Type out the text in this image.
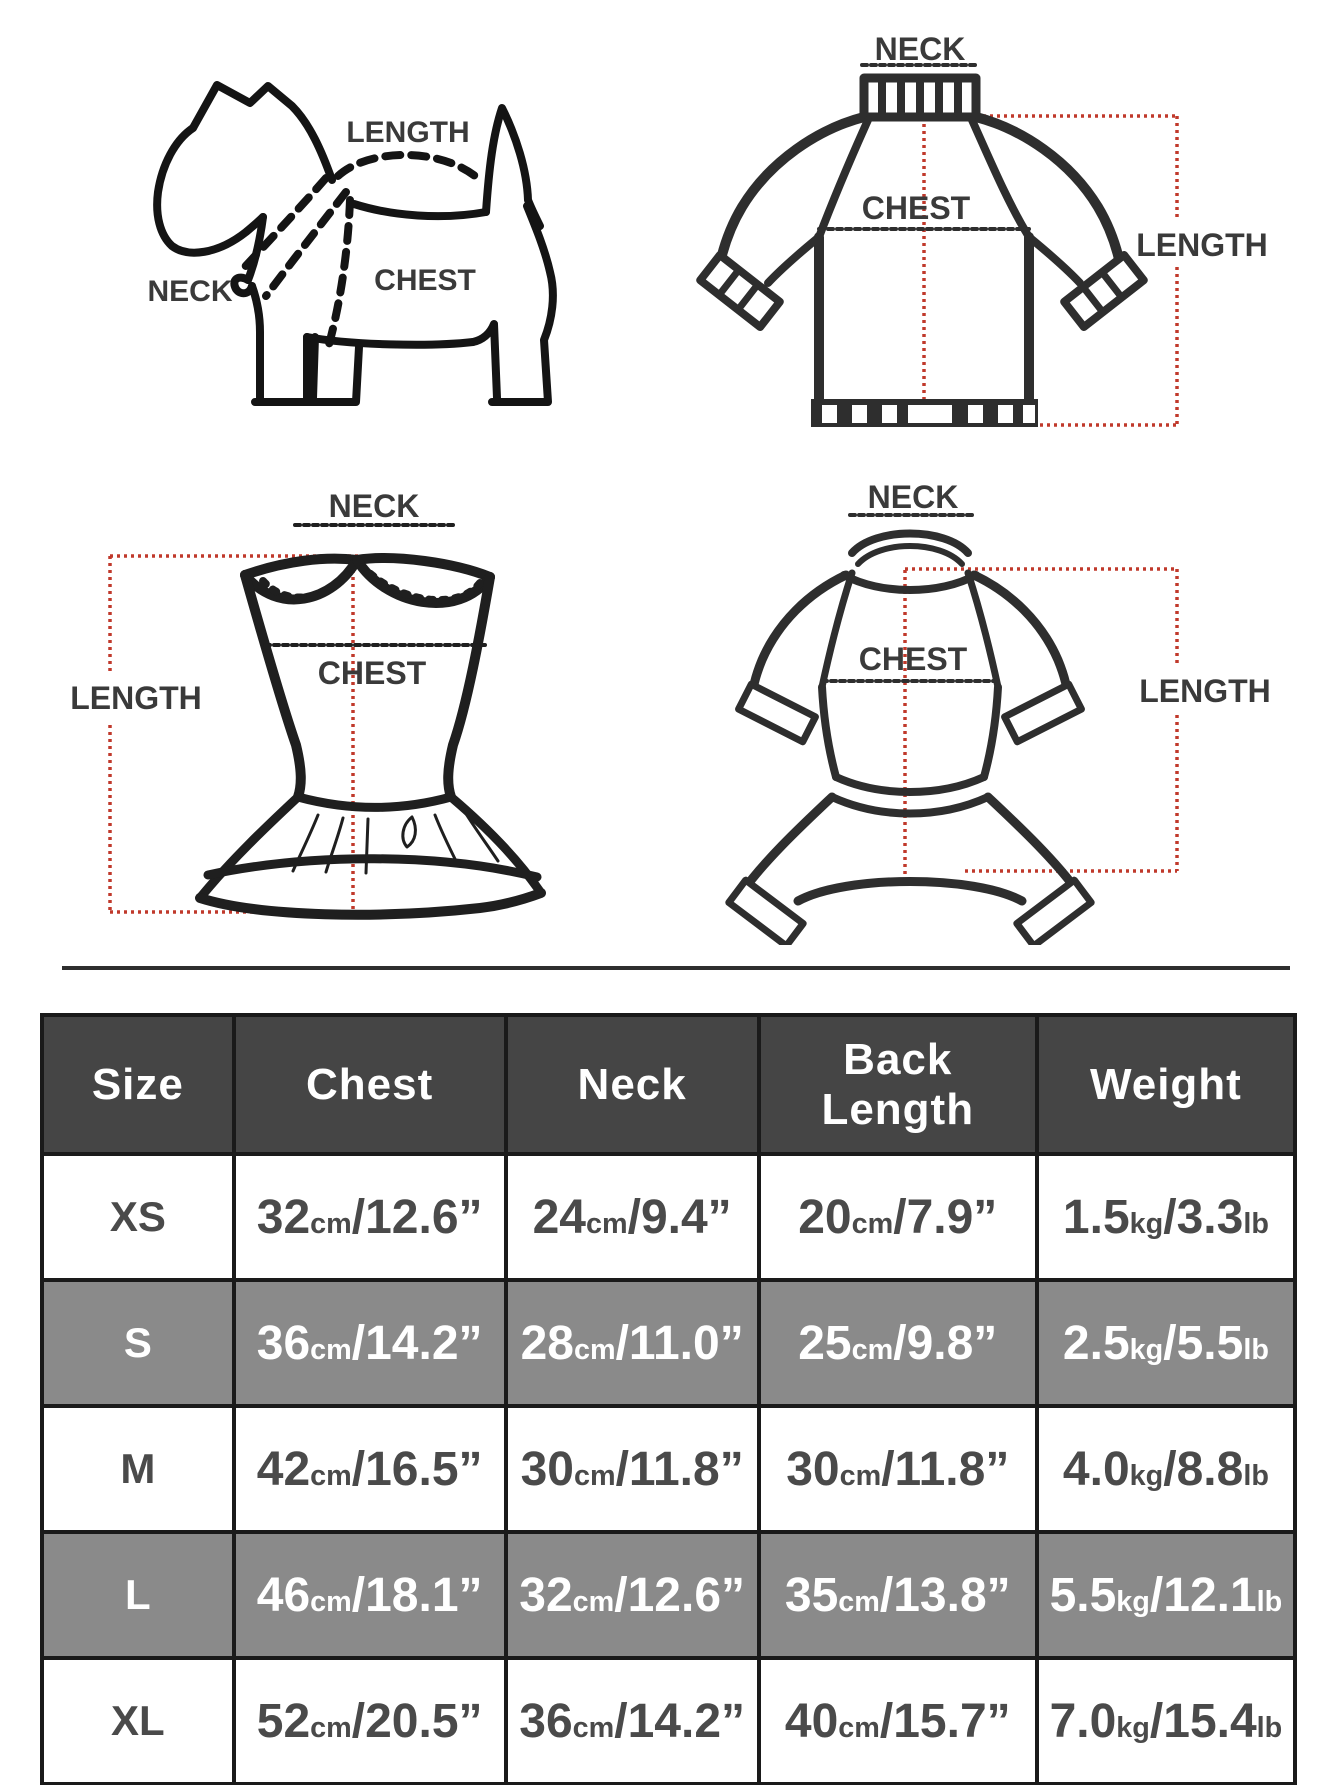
LENGTH
NECK	CHEST
NECK
CHEST
LENGTH
NECK
CHEST
LENGTH
NECK
CHEST
LENGTH
Size	Chest	Neck	Back Length	Weight
XS	32cm/12.6”	24cm/9.4”	20cm/7.9”	1.5kg/3.3lb
S	36cm/14.2”	28cm/11.0”	25cm/9.8”	2.5kg/5.5lb
M	42cm/16.5”	30cm/11.8”	30cm/11.8”	4.0kg/8.8lb
L	46cm/18.1”	32cm/12.6”	35cm/13.8”	5.5kg/12.1lb
XL	52cm/20.5”	36cm/14.2”	40cm/15.7”	7.0kg/15.4lb
